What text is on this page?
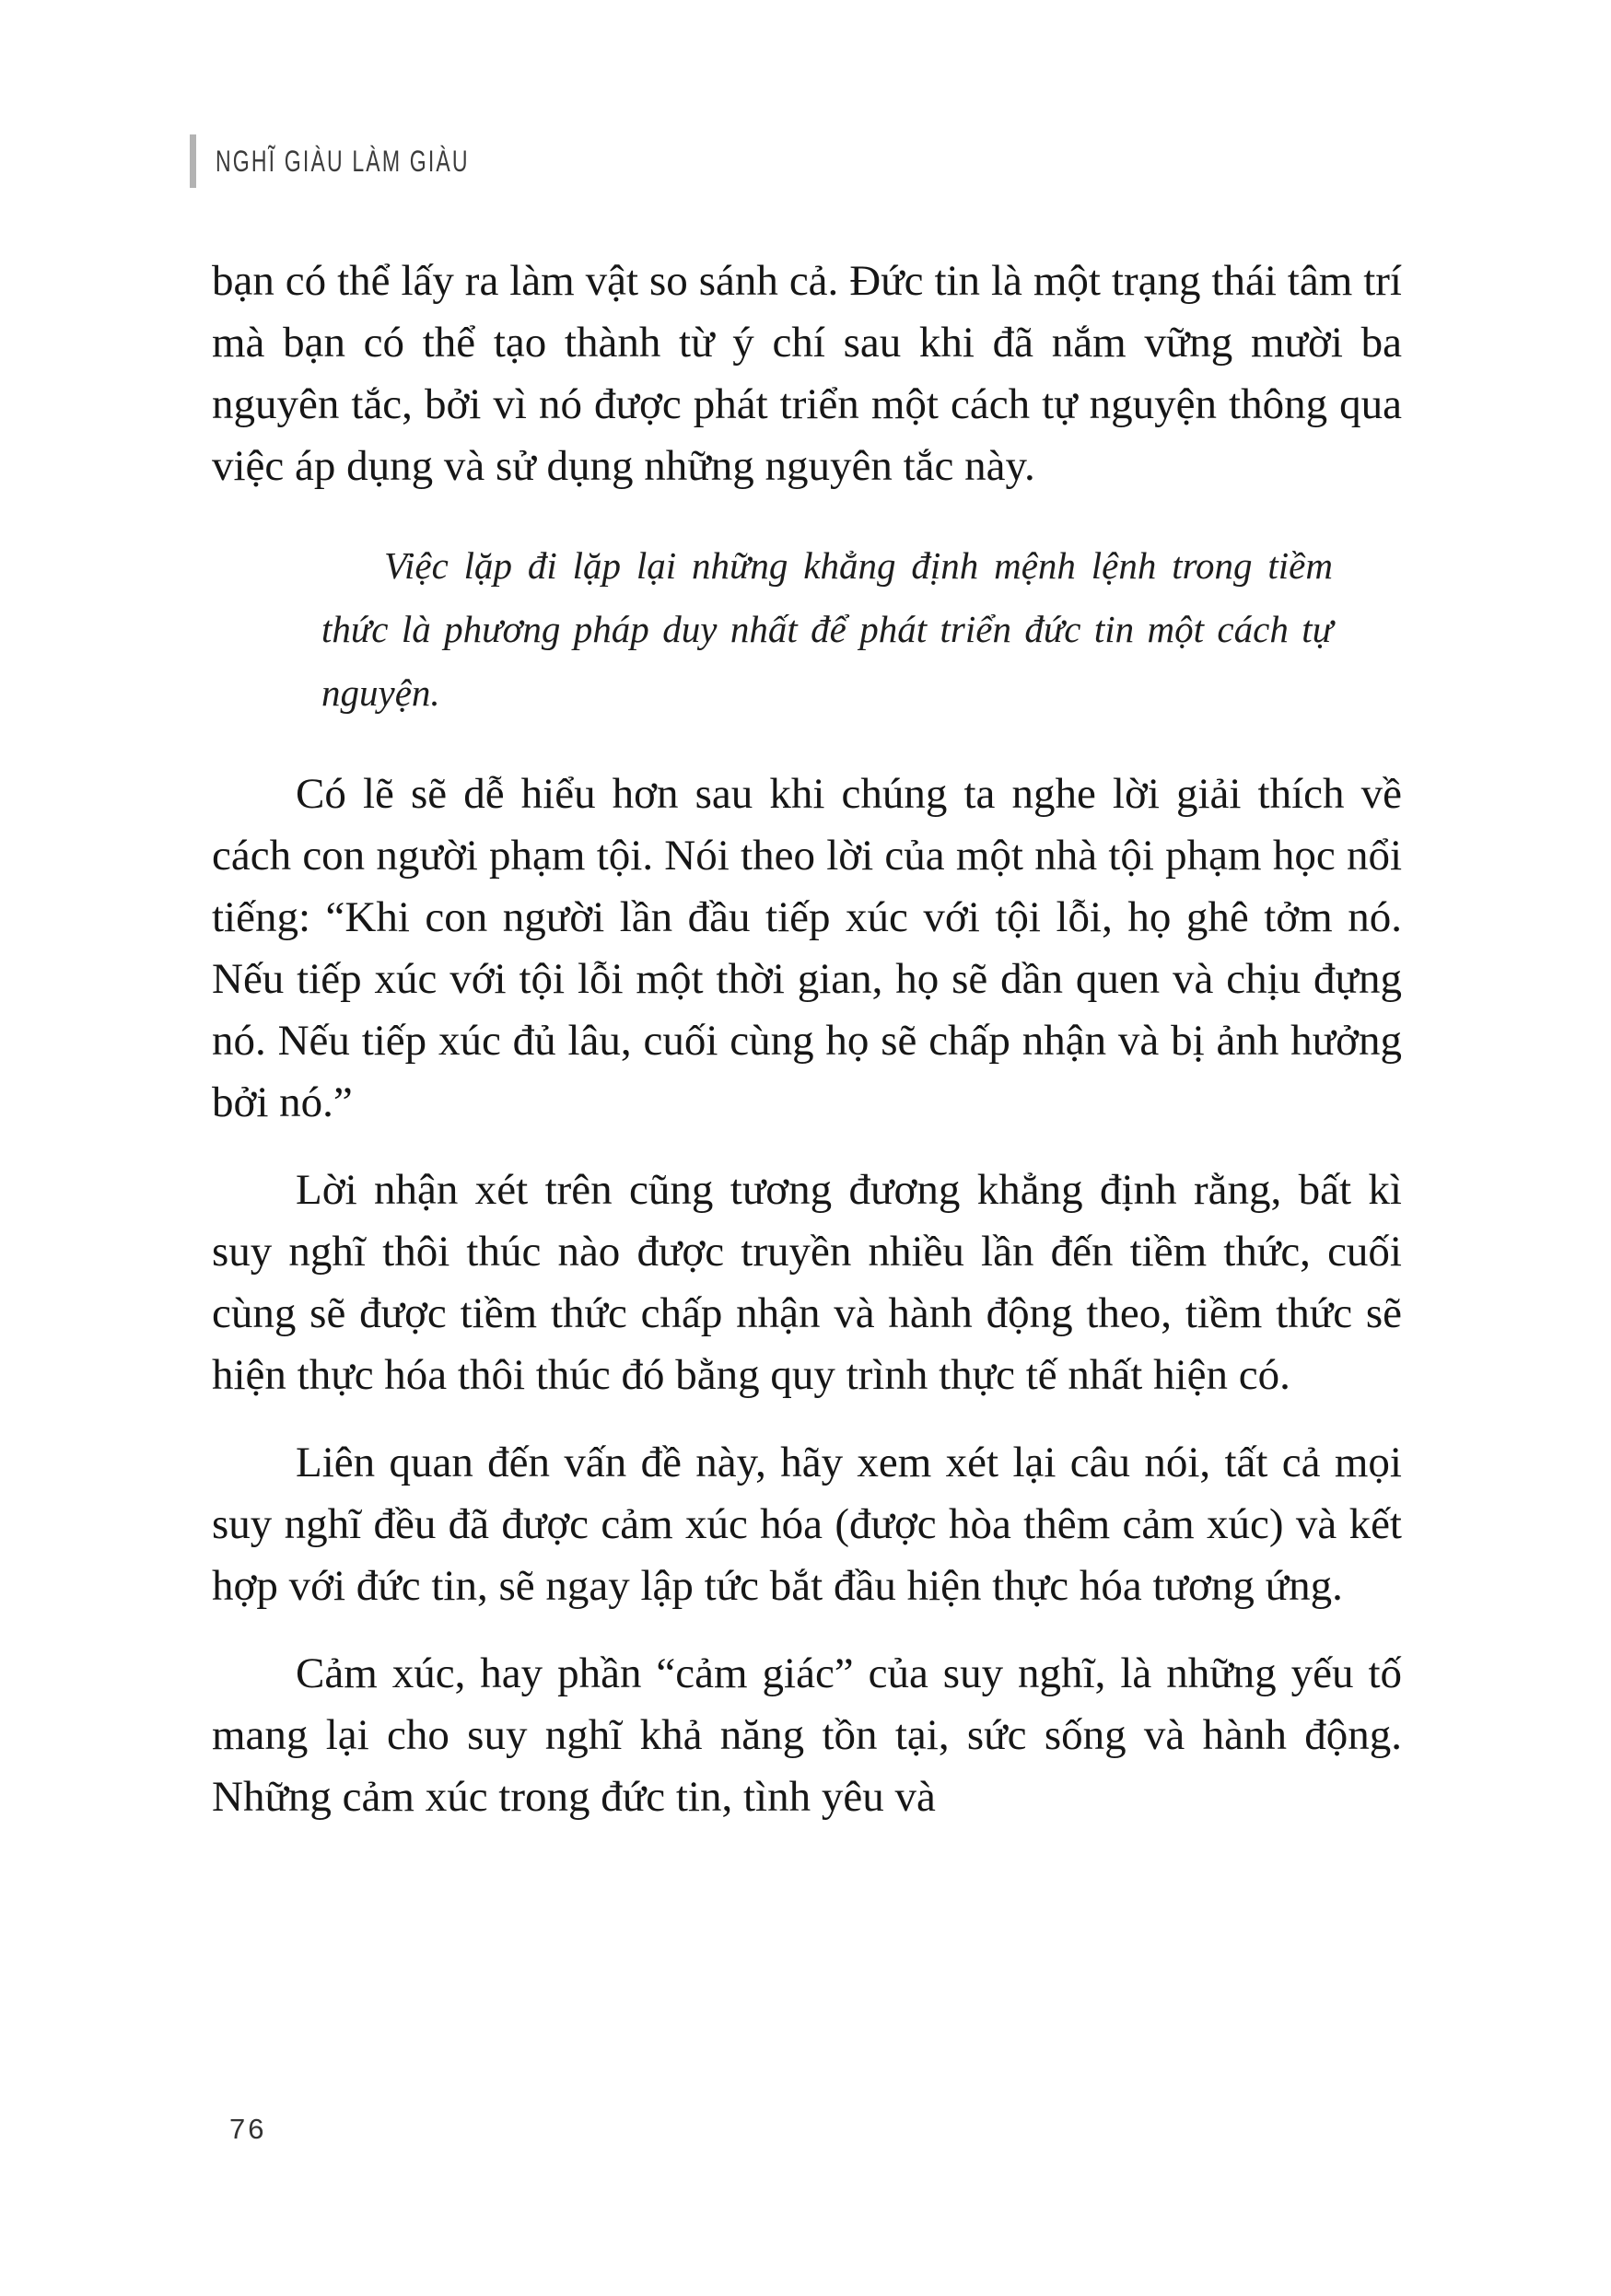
NGHĨ GIÀU LÀM GIÀU

bạn có thể lấy ra làm vật so sánh cả. Đức tin là một trạng thái tâm trí mà bạn có thể tạo thành từ ý chí sau khi đã nắm vững mười ba nguyên tắc, bởi vì nó được phát triển một cách tự nguyện thông qua việc áp dụng và sử dụng những nguyên tắc này.

Việc lặp đi lặp lại những khẳng định mệnh lệnh trong tiềm thức là phương pháp duy nhất để phát triển đức tin một cách tự nguyện.

Có lẽ sẽ dễ hiểu hơn sau khi chúng ta nghe lời giải thích về cách con người phạm tội. Nói theo lời của một nhà tội phạm học nổi tiếng: “Khi con người lần đầu tiếp xúc với tội lỗi, họ ghê tởm nó. Nếu tiếp xúc với tội lỗi một thời gian, họ sẽ dần quen và chịu đựng nó. Nếu tiếp xúc đủ lâu, cuối cùng họ sẽ chấp nhận và bị ảnh hưởng bởi nó.”

Lời nhận xét trên cũng tương đương khẳng định rằng, bất kì suy nghĩ thôi thúc nào được truyền nhiều lần đến tiềm thức, cuối cùng sẽ được tiềm thức chấp nhận và hành động theo, tiềm thức sẽ hiện thực hóa thôi thúc đó bằng quy trình thực tế nhất hiện có.

Liên quan đến vấn đề này, hãy xem xét lại câu nói, tất cả mọi suy nghĩ đều đã được cảm xúc hóa (được hòa thêm cảm xúc) và kết hợp với đức tin, sẽ ngay lập tức bắt đầu hiện thực hóa tương ứng.

Cảm xúc, hay phần “cảm giác” của suy nghĩ, là những yếu tố mang lại cho suy nghĩ khả năng tồn tại, sức sống và hành động. Những cảm xúc trong đức tin, tình yêu và

76
